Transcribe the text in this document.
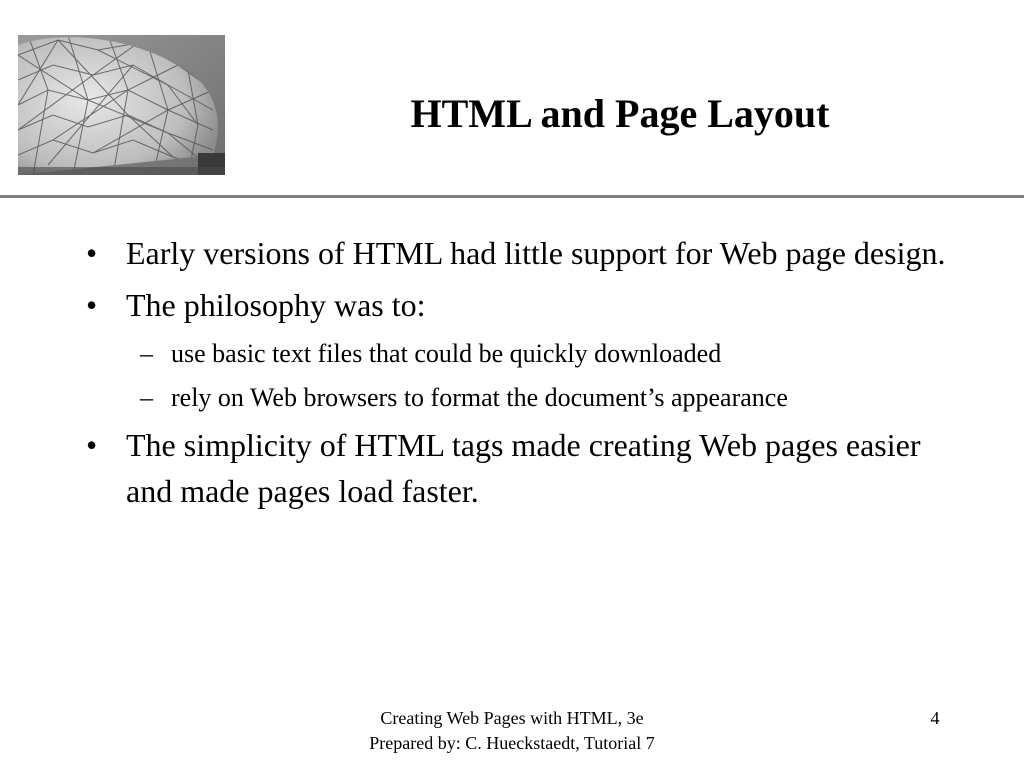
HTML and Page Layout
• Early versions of HTML had little support for Web page design.
• The philosophy was to:
– use basic text files that could be quickly downloaded
– rely on Web browsers to format the document’s appearance
• The simplicity of HTML tags made creating Web pages easier and made pages load faster.
Creating Web Pages with HTML, 3e
Prepared by: C. Hueckstaedt, Tutorial 7
4
